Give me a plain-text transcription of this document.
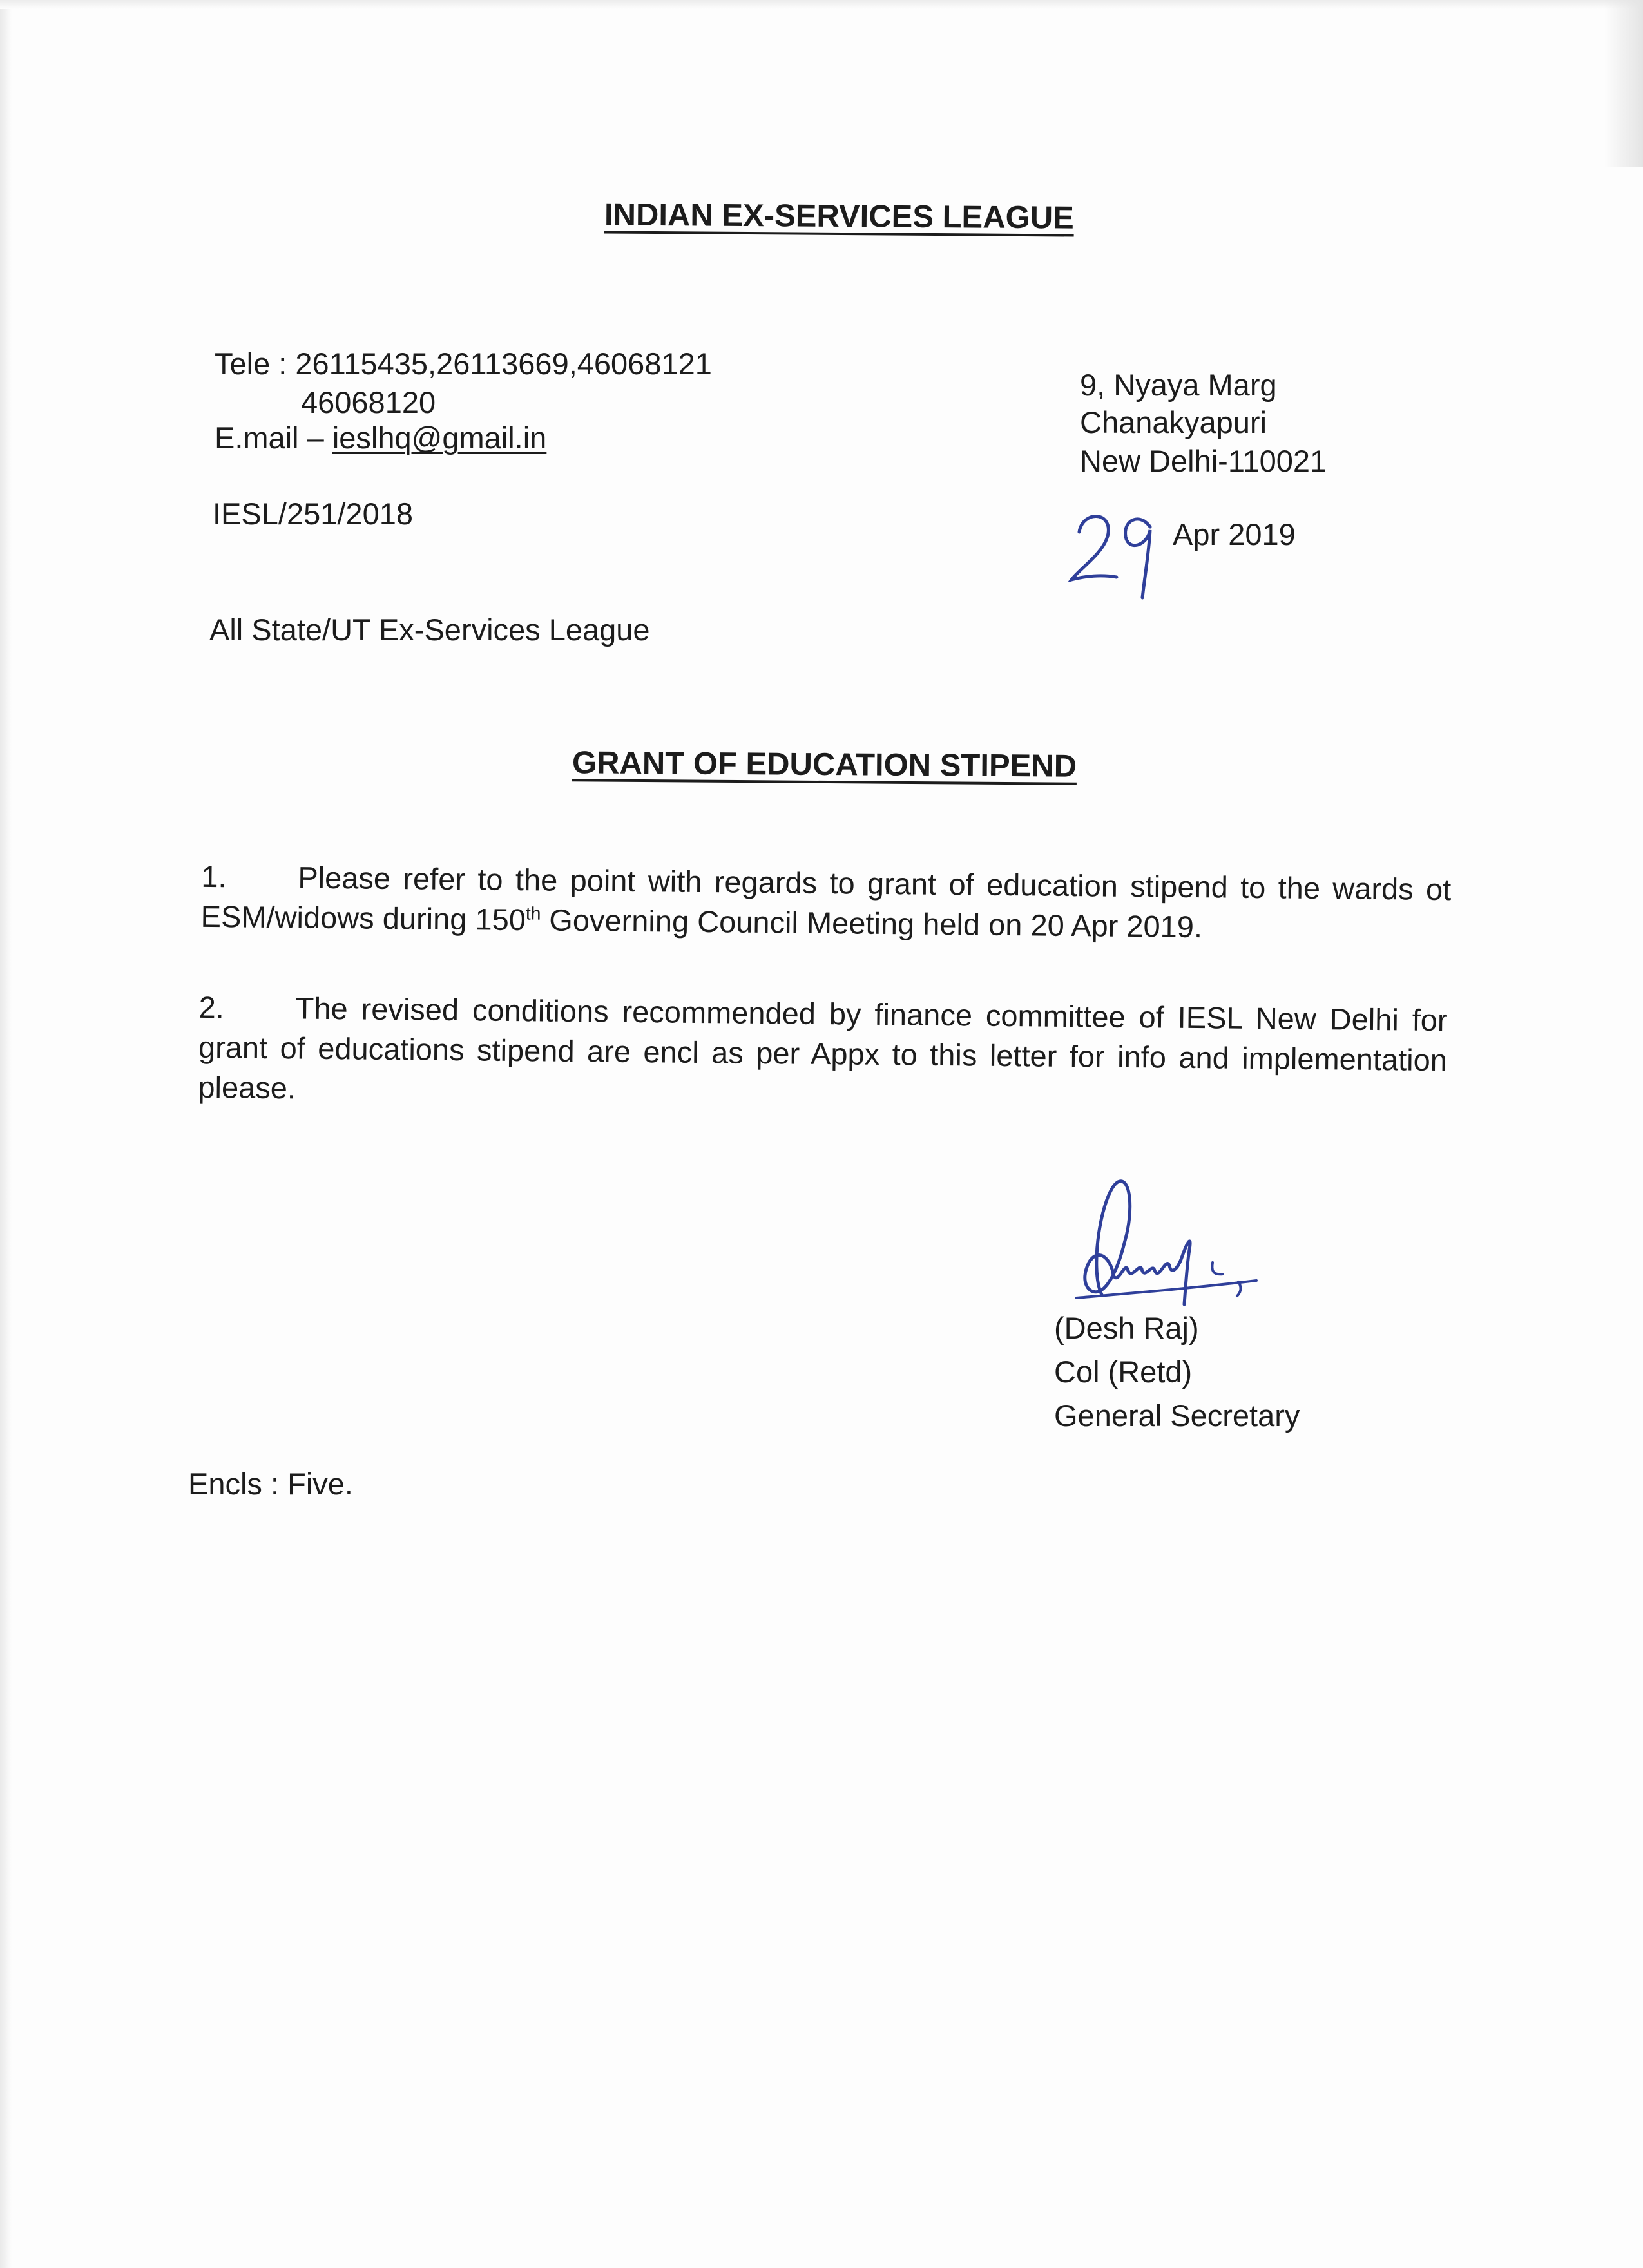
INDIAN EX-SERVICES LEAGUE
Tele : 26115435,26113669,46068121
46068120
E.mail – ieslhq@gmail.in
9, Nyaya Marg
Chanakyapuri
New Delhi-110021
IESL/251/2018
Apr 2019
All State/UT Ex-Services League
GRANT OF EDUCATION STIPEND
1. Please refer to the point with regards to grant of education stipend to the wards ot ESM/widows during 150th Governing Council Meeting held on 20 Apr 2019.
2. The revised conditions recommended by finance committee of IESL New Delhi for grant of educations stipend are encl as per Appx to this letter for info and implementation please.
(Desh Raj)
Col (Retd)
General Secretary
Encls : Five.
